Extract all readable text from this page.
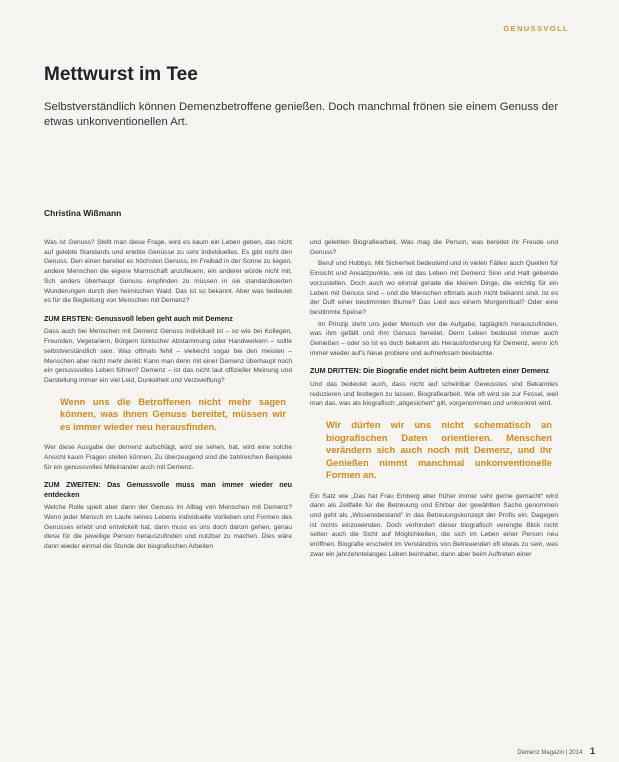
GENUSSVOLL
Mettwurst im Tee
Selbstverständlich können Demenzbetroffene genießen. Doch manchmal frönen sie einem Genuss der etwas unkonventionellen Art.
Christina Wißmann

Was ist Genuss? Stellt man diese Frage, wird es kaum ein Leben geben, das nicht auf gelebte Standards und erlebte Genüsse zu sehr individuelles. Es gibt nicht den Genuss. Den einen bereitet es höchsten Genuss, im Freibad in der Sonne zu liegen, andere Menschen die eigene Mannschaft anzufeuern, ein anderer würde nicht mit. Sch anders überhaupt Genuss empfinden zu müssen in sie standardisierten Wunderungen durch den heimischen Wald. Das ist so bekannt. Aber was bedeutet es für die Begleitung von Menschen mit Demenz?

ZUM ERSTEN: Genussvoll leben geht auch mit Demenz

Dass auch bei Menschen mit Demenz Genuss individuell ist – so wie bei Kollegen, Freunden, Vegetariern, Bürgern türkischer Abstammung oder Handwerkern – sollte selbstverständlich sein. Was oftmals fehlt – vielleicht sogar bei den meisten – Menschen aber nicht mehr denkt: Kann man denn mit einer Demenz überhaupt noch ein genussvolles Leben führen? Demenz – ist das nicht laut offizieller Meinung und Darstellung immer ein viel Leid, Dunkelheit und Verzweiflung?

Wenn uns die Betroffenen nicht mehr sagen können, was ihnen Genuss bereitet, müssen wir es immer wieder neu herausfinden.

Wer diese Ausgabe der demenz aufschlägt, wird sie sehen, hat, wird eine solche Ansicht kaum Fragen stellen können. Zu überzeugend sind die zahlreichen Beispiele für ein genussvolles Miteinander auch mit Demenz.

ZUM ZWEITEN: Das Genussvolle muss man immer wieder neu entdecken

Welche Rolle spielt aber dann der Genuss im Alltag von Menschen mit Demenz? Wenn jeder Mensch im Laufe seines Lebens individuelle Vorlieben und Formen des Genusses erlebt und entwickelt hat, dann muss es uns doch darum gehen, genau diese für die jeweilige Person herauszufinden und nutzbar zu machen. Dies wäre dann wieder einmal die Stunde der biografischen Arbeiten

und gelebten Biografiearbeit. Was mag die Person, was bereitet ihr Freude und Genuss?

Beruf und Hobbys. Mit Sicherheit bedeutend und in vielen Fällen auch Quellen für Einsicht und Ansatzpunkte, wie ist das Leben mit Demenz Sinn und Halt gebende vorzustellen. Doch auch wo einmal gerade die kleinen Dinge, die wichtig für ein Leben mit Genuss sind – und die Menschen oftmals auch nicht bekannt sind. Ist es der Duft einer bestimmten Blume? Das Lied aus einem Morgenritual? Oder eine bestimmte Speise?

Im Prinzip steht uns jeder Mensch vor die Aufgabe, tagtäglich herauszufinden, was ihm gefällt und ihm Genuss bereitet. Denn Leben bedeutet immer auch Genießen – oder so ist es doch bekannt als Herausforderung für Demenz, wenn ich immer wieder auf's Neue probiere und aufmerksam beobachte.

ZUM DRITTEN: Die Biografie endet nicht beim Auftreten einer Demenz

Und das bedeutet auch, dass nicht auf scheinbar Gewusstes und Bekanntes reduzieren und festlegen zu lassen. Biografiearbeit. Wie oft wird sie zur Fessel, weil man das, was als biografisch „abgesichert“ gilt, vorgenommen und umkonkret wird.

Wir dürfen wir uns nicht schematisch an biografischen Daten orientieren. Menschen verändern sich auch noch mit Demenz, und ihr Genießen nimmt manchmal unkonventionelle Formen an.

Ein Satz wie „Das hat Frau Emberg aber früher immer sehr gerne gemacht“ wird dann als Zeitfalle für die Betreuung und Ehrbar der gewählten Sache genommen und geht als „Wissensbestand“ in das Betreuungskonzept der Profis ein. Dagegen ist nichts einzuwenden. Doch verhindert dieser biografisch verengte Blick nicht selten auch die Sicht auf Möglichkeiten, die sich im Leben einer Person neu eröffnen. Biografie erscheint im Verständnis von Betreuenden oft etwas zu sein, was zwar ein jahrzehntelanges Leben beinhaltet, dann aber beim Auftreten einer

Demenz Magazin | 2014 1
